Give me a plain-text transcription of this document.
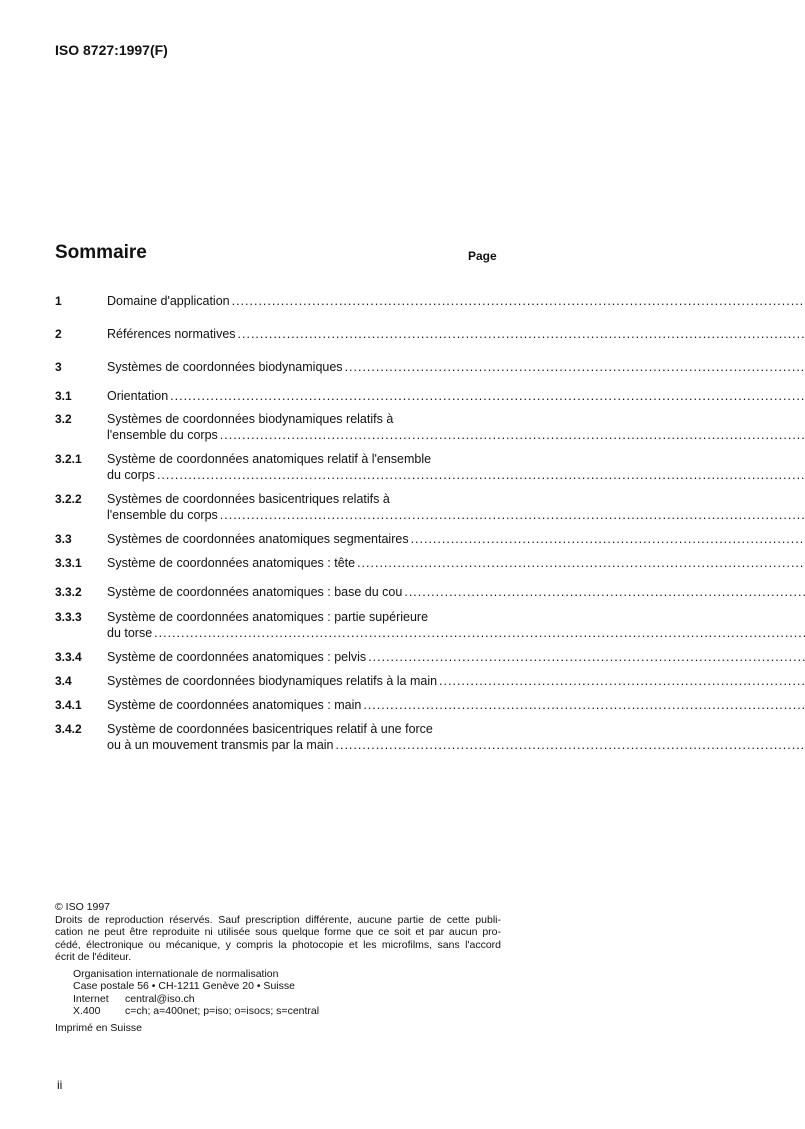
ISO 8727:1997(F)
Sommaire	Page
1	Domaine d'application
.....
2	Références normatives
.....
3	Systèmes de coordonnées biodynamiques
.....
3.1	Orientation
.....
3.2	Systèmes de coordonnées biodynamiques relatifs à
l'ensemble du corps
.....
3.2.1	Système de coordonnées anatomiques relatif à l'ensemble
du corps
.....
3.2.2	Systèmes de coordonnées basicentriques relatifs à
l'ensemble du corps
.....
3.3	Systèmes de coordonnées anatomiques segmentaires
.....
3.3.1	Système de coordonnées anatomiques : tête
.....
3.3.2	Système de coordonnées anatomiques : base du cou
.....
3.3.3	Système de coordonnées anatomiques : partie supérieure
du torse
.....
3.3.4	Système de coordonnées anatomiques : pelvis
.....
3.4	Systèmes de coordonnées biodynamiques relatifs à la main
.....
3.4.1	Système de coordonnées anatomiques : main
.....
3.4.2	Système de coordonnées basicentriques relatif à une force
ou à un mouvement transmis par la main
.....
© ISO 1997
Droits de reproduction réservés. Sauf prescription différente, aucune partie de cette publi-
cation ne peut être reproduite ni utilisée sous quelque forme que ce soit et par aucun pro-
cédé, électronique ou mécanique, y compris la photocopie et les microfilms, sans l'accord
écrit de l'éditeur.
Organisation internationale de normalisation
Case postale 56 • CH-1211 Genève 20 • Suisse
Internet central@iso.ch
X.400 c=ch; a=400net; p=iso; o=isocs; s=central
Imprimé en Suisse
ii
